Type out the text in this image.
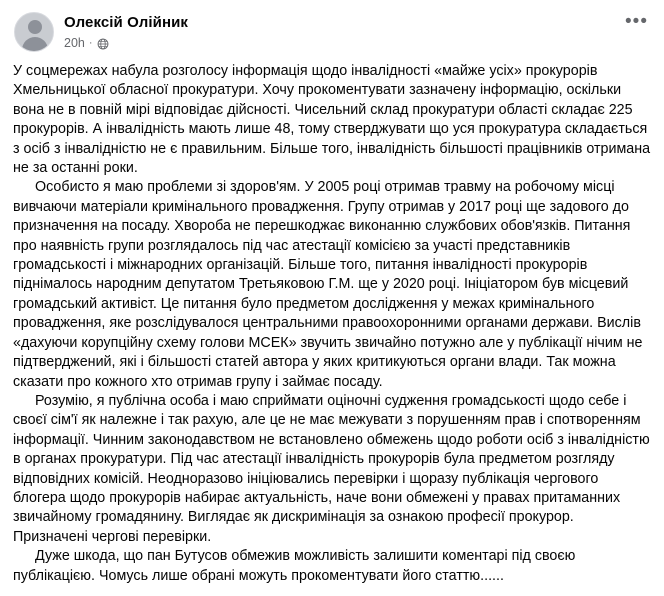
Олексій Олійник
20h ·
•••

У соцмережах набула розголосу інформація щодо інвалідності «майже усіх» прокурорів Хмельницької обласної прокуратури. Хочу прокоментувати зазначену інформацію, оскільки вона не в повній мірі відповідає дійсності. Чисельний склад прокуратури області складає 225 прокурорів. А інвалідність мають лише 48, тому стверджувати що уся прокуратура складається з осіб з інвалідністю не є правильним. Більше того, інвалідність більшості працівників отримана не за останні роки.

Особисто я маю проблеми зі здоров'ям. У 2005 році отримав травму на робочому місці вивчаючи матеріали кримінального провадження. Групу отримав у 2017 році ще задового до призначення на посаду. Хвороба не перешкоджає виконанню службових обов'язків. Питання про наявність групи розглядалось під час атестації комісією за участі представників громадськості і міжнародних організацій. Більше того, питання інвалідності прокурорів піднімалось народним депутатом Третьяковою Г.М. ще у 2020 році. Ініціатором був місцевий громадський активіст. Це питання було предметом дослідження у межах кримінального провадження, яке розслідувалося центральними правоохоронними органами держави. Вислів «дахуючи корупційну схему голови МСЕК» звучить звичайно потужно але у публікації нічим не підтверджений, які і більшості статей автора у яких критикуються органи влади. Так можна сказати про кожного хто отримав групу і займає посаду.

Розумію, я публічна особа і маю сприймати оціночні судження громадськості щодо себе і своєї сім'ї як належне і так рахую, але це не має межувати з порушенням прав і спотворенням інформації. Чинним законодавством не встановлено обмежень щодо роботи осіб з інвалідністю в органах прокуратури. Під час атестації інвалідність прокурорів була предметом розгляду відповідних комісій. Неодноразово ініціювались перевірки і щоразу публікація чергового блогера щодо прокурорів набирає актуальність, наче вони обмежені у правах притаманних звичайному громадянину. Виглядає як дискримінація за ознакою професії прокурор. Призначені чергові перевірки.

Дуже шкода, що пан Бутусов обмежив можливість залишити коментарі під своєю публікацією. Чомусь лише обрані можуть прокоментувати його статтю......
